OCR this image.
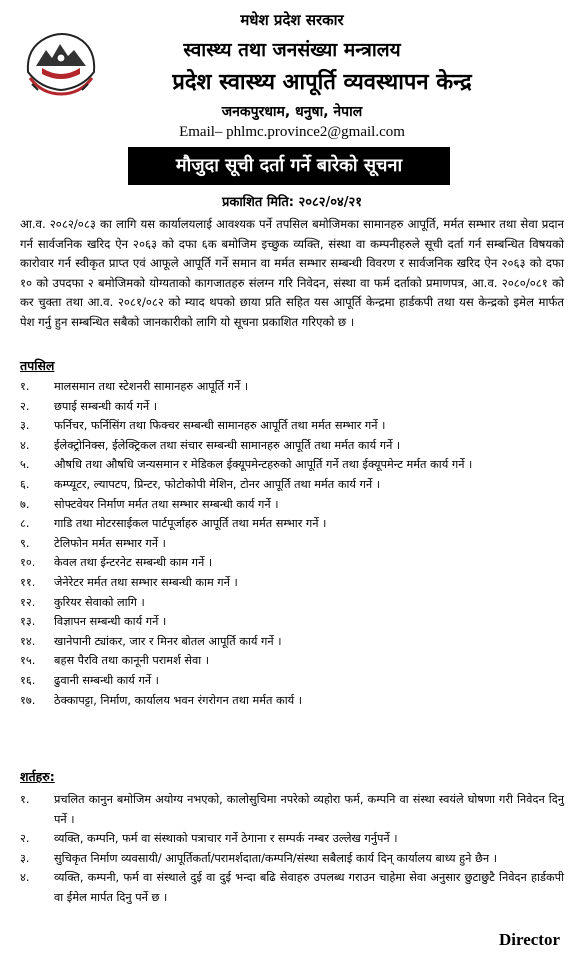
मधेश प्रदेश सरकार
स्वास्थ्य तथा जनसंख्या मन्त्रालय
प्रदेश स्वास्थ्य आपूर्ति व्यवस्थापन केन्द्र
जनकपुरधाम, धनुषा, नेपाल
Email– phlmc.province2@gmail.com
मौजुदा सूची दर्ता गर्ने बारेको सूचना
प्रकाशित मिति: २०८२/०४/२१

आ.व. २०८२/०८३ का लागि यस कार्यालयलाई आवश्यक पर्ने तपसिल बमोजिमका सामानहरु आपूर्ति, मर्मत सम्भार तथा सेवा प्रदान गर्न सार्वजनिक खरिद ऐन २०६३ को दफा ६क बमोजिम इच्छुक व्यक्ति, संस्था वा कम्पनीहरुले सूची दर्ता गर्न सम्बन्धित विषयको कारोवार गर्न स्वीकृत प्राप्त एवं आफूले आपूर्ति गर्ने समान वा मर्मत सम्भार सम्बन्धी विवरण र सार्वजनिक खरिद ऐन २०६३ को दफा १० को उपदफा २ बमोजिमको योग्यताको कागजातहरु संलग्न गरि निवेदन, संस्था वा फर्म दर्ताको प्रमाणपत्र, आ.व. २०८०/०८१ को कर चुक्ता तथा आ.व. २०८१/०८२ को म्याद थपको छाया प्रति सहित यस आपूर्ति केन्द्रमा हार्डकपी तथा यस केन्द्रको इमेल मार्फत पेश गर्नु हुन सम्बन्धित सबैको जानकारीको लागि यो सूचना प्रकाशित गरिएको छ ।

तपसिल
१. मालसमान तथा स्टेशनरी सामानहरु आपूर्ति गर्ने ।
२. छपाई सम्बन्धी कार्य गर्ने ।
३. फर्निचर, फर्निसिंग तथा फिक्चर सम्बन्धी सामानहरु आपूर्ति तथा मर्मत सम्भार गर्ने ।
४. ईलेक्ट्रोनिक्स, ईलेक्ट्रिकल तथा संचार सम्बन्धी सामानहरु आपूर्ति तथा मर्मत कार्य गर्ने ।
५. औषधि तथा औषधि जन्यसमान र मेडिकल ईक्यूपमेन्टहरुको आपूर्ति गर्ने तथा ईक्यूपमेन्ट मर्मत कार्य गर्ने ।
६. कम्प्यूटर, ल्यापटप, प्रिन्टर, फोटोकोपी मेशिन, टोनर आपूर्ति तथा मर्मत कार्य गर्ने ।
७. सोफ्टवेयर निर्माण मर्मत तथा सम्भार सम्बन्धी कार्य गर्ने ।
८. गाडि तथा मोटरसाईकल पार्टपूर्जाहरु आपूर्ति तथा मर्मत सम्भार गर्ने ।
९. टेलिफोन मर्मत सम्भार गर्ने ।
१०. केवल तथा ईन्टरनेट सम्बन्धी काम गर्ने ।
११. जेनेरेटर मर्मत तथा सम्भार सम्बन्धी काम गर्ने ।
१२. कुरियर सेवाको लागि ।
१३. विज्ञापन सम्बन्धी कार्य गर्ने ।
१४. खानेपानी ट्यांकर, जार र मिनर बोतल आपूर्ति कार्य गर्ने ।
१५. बहस पैरवि तथा कानूनी परामर्श सेवा ।
१६. ढुवानी सम्बन्धी कार्य गर्ने ।
१७. ठेक्कापट्टा, निर्माण, कार्यालय भवन रंगरोगन तथा मर्मत कार्य ।
शर्तहरु:
१. प्रचलित कानुन बमोजिम अयोग्य नभएको, कालोसुचिमा नपरेको व्यहोरा फर्म, कम्पनि वा संस्था स्वयंले घोषणा गरी निवेदन दिनु पर्ने ।
२. व्यक्ति, कम्पनि, फर्म वा संस्थाको पत्राचार गर्ने ठेगाना र सम्पर्क नम्बर उल्लेख गर्नुपर्ने ।
३. सुचिकृत निर्माण व्यवसायी/ आपूर्तिकर्ता/परामर्शदाता/कम्पनि/संस्था सबैलाई कार्य दिन् कार्यालय बाध्य हुने छैन ।
४. व्यक्ति, कम्पनी, फर्म वा संस्थाले दुई वा दुई भन्दा बढि सेवाहरु उपलब्ध गराउन चाहेमा सेवा अनुसार छुटाछुटै निवेदन हार्डकपी वा ईमेल मार्पत दिनु पर्ने छ ।
Director
